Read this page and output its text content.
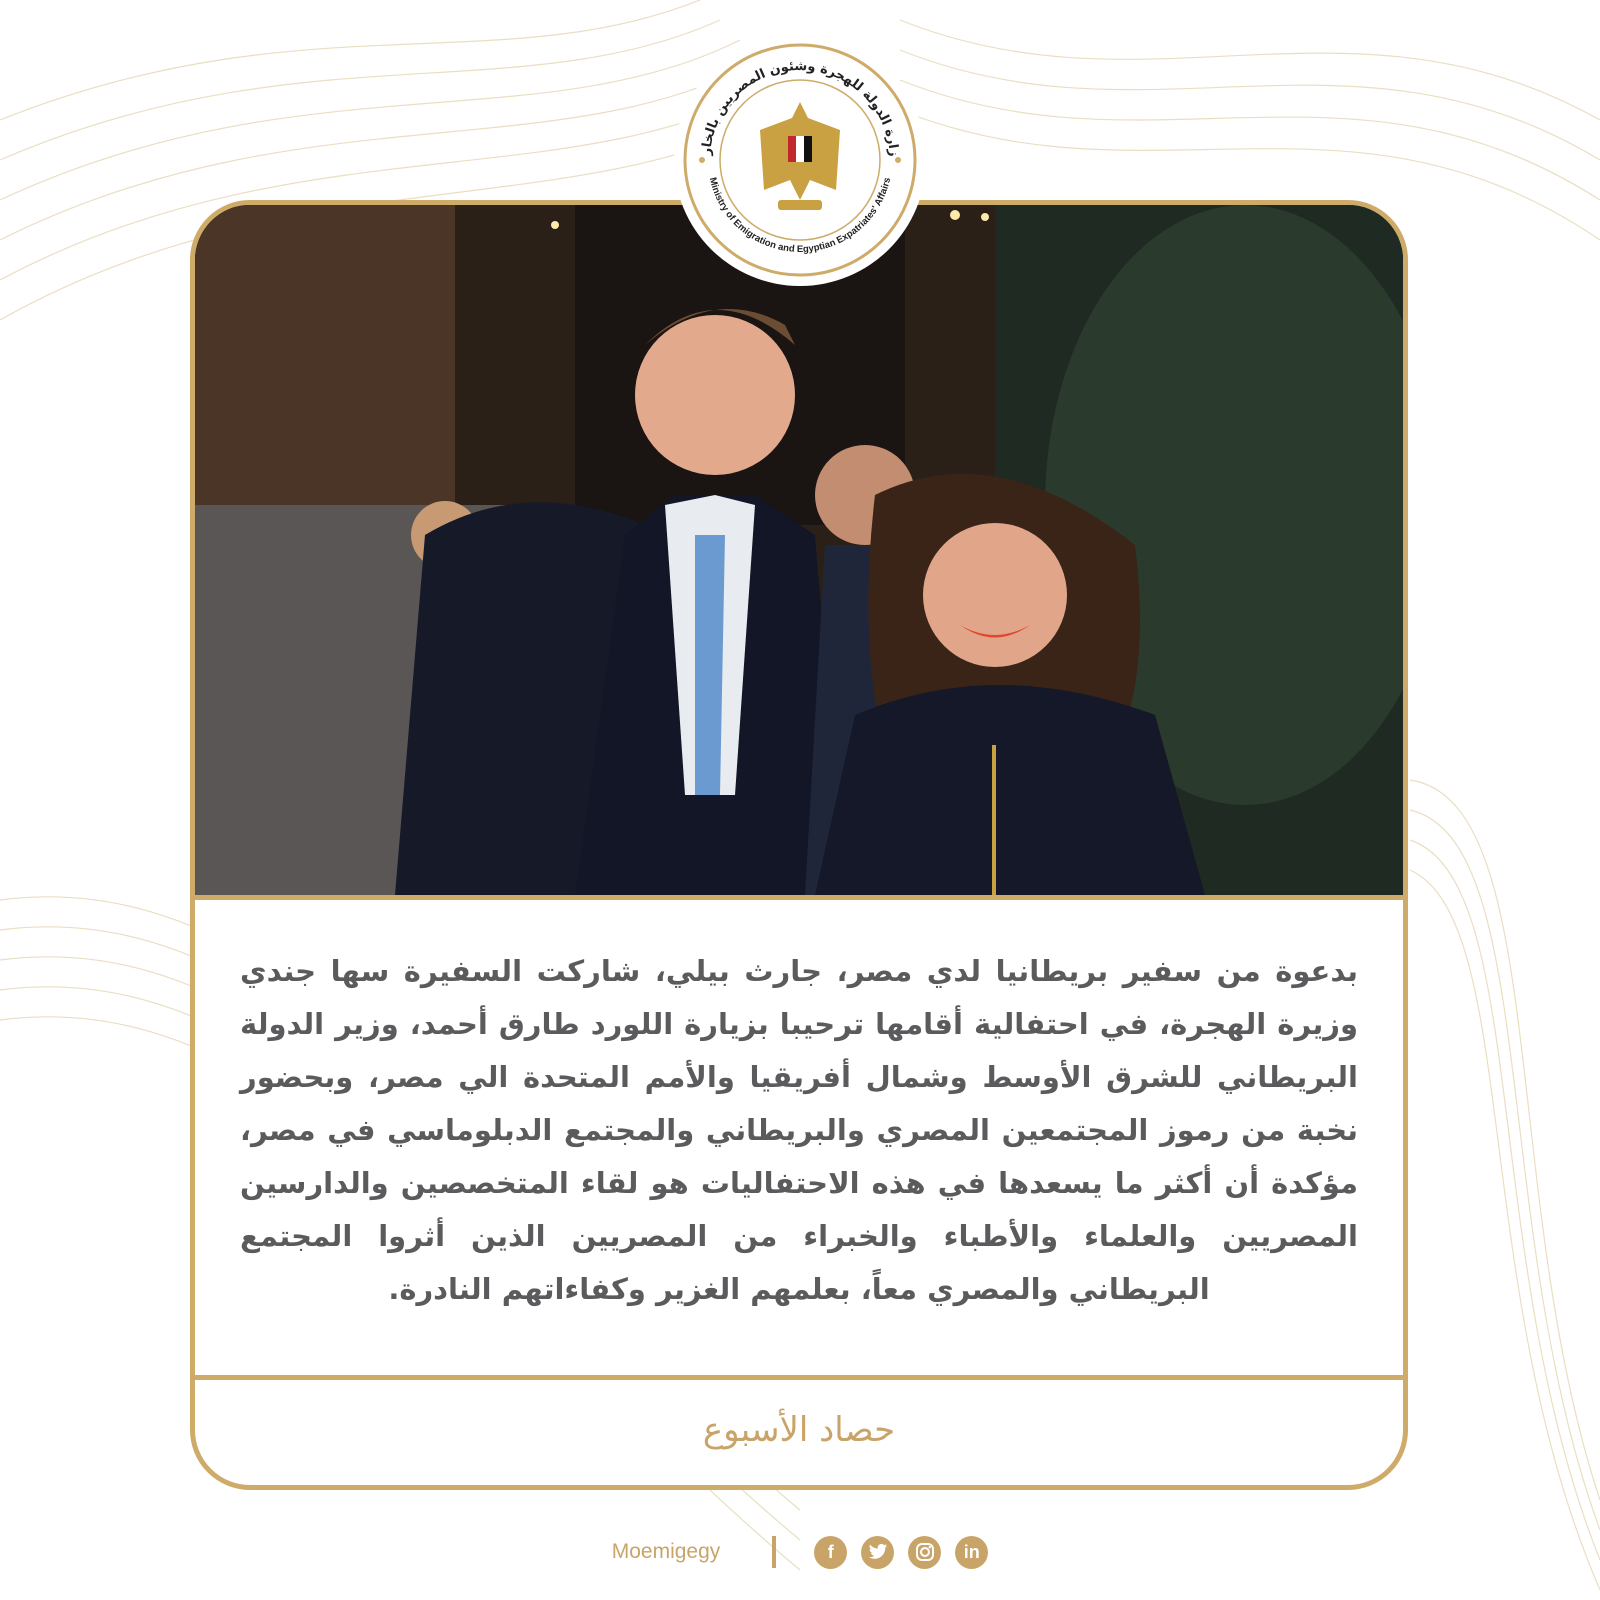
بدعوة من سفير بريطانيا لدي مصر، جارث بيلي، شاركت السفيرة سها جندي وزيرة الهجرة، في احتفالية أقامها ترحيبا بزيارة اللورد طارق أحمد، وزير الدولة البريطاني للشرق الأوسط وشمال أفريقيا والأمم المتحدة الي مصر، وبحضور نخبة من رموز المجتمعين المصري والبريطاني والمجتمع الدبلوماسي في مصر، مؤكدة أن أكثر ما يسعدها في هذه الاحتفاليات هو لقاء المتخصصين والدارسين المصريين والعلماء والأطباء والخبراء من المصريين الذين أثروا المجتمع البريطاني والمصري معاً، بعلمهم الغزير وكفاءاتهم النادرة.
حصاد الأسبوع
زارة الدولة للهجرة وشئون المصريين بالخار
Ministry of Emigration and Egyptian Expatriates' Affairs
Moemigegy	f	in
